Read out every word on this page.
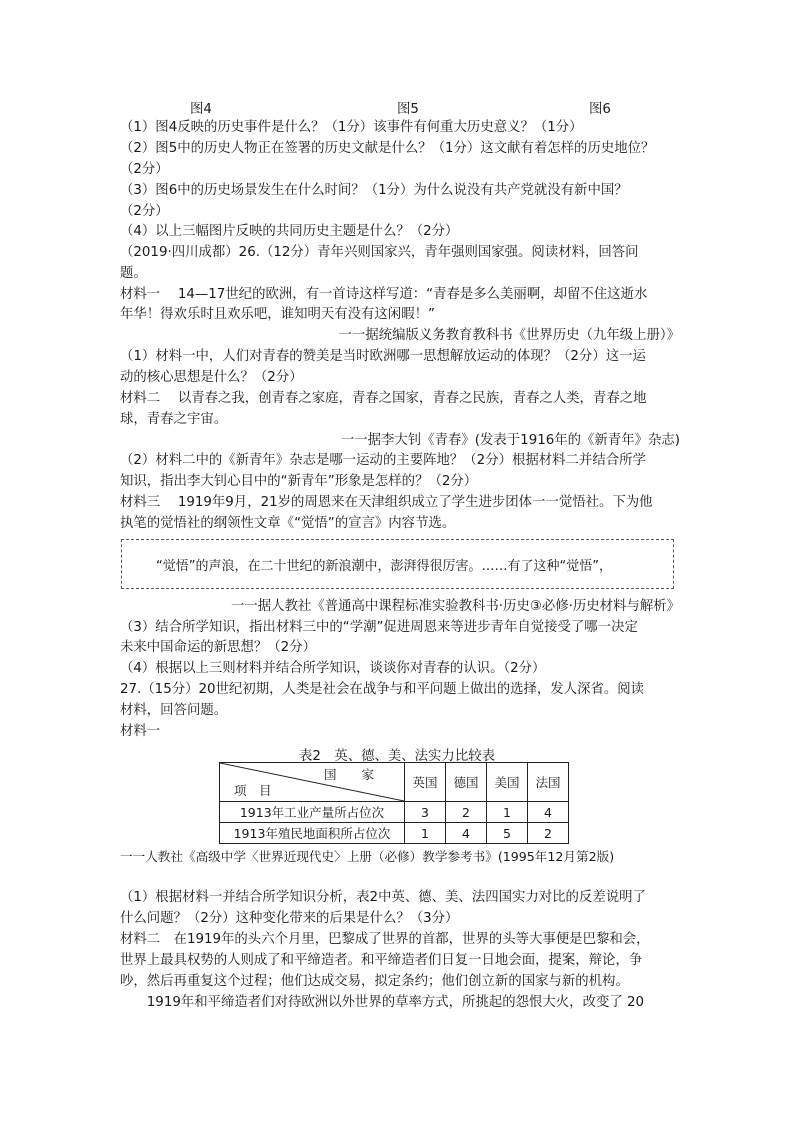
图4	图5	图6
（1）图4反映的历史事件是什么？（1分）该事件有何重大历史意义？（1分）
（2）图5中的历史人物正在签署的历史文献是什么？（1分）这文献有着怎样的历史地位？
（2分）
（3）图6中的历史场景发生在什么时间？（1分）为什么说没有共产党就没有新中国？
（2分）
（4）以上三幅图片反映的共同历史主题是什么？（2分）
（2019·四川成都）26.（12分）青年兴则国家兴，青年强则国家强。阅读材料，回答问
题。
材料一　 14—17世纪的欧洲，有一首诗这样写道：“青春是多么美丽啊，却留不住这逝水
年华！得欢乐时且欢乐吧，谁知明天有没有这闲暇！”
一一据统编版义务教育教科书《世界历史（九年级上册）》
（1）材料一中，人们对青春的赞美是当时欧洲哪一思想解放运动的体现？（2分）这一运
动的核心思想是什么？（2分）
材料二　 以青春之我，创青春之家庭，青春之国家，青春之民族，青春之人类，青春之地
球，青春之宇宙。
一一据李大钊《青春》(发表于1916年的《新青年》杂志)
（2）材料二中的《新青年》杂志是哪一运动的主要阵地？（2分）根据材料二并结合所学
知识，指出李大钊心目中的“新青年”形象是怎样的？（2分）
材料三　 1919年9月，21岁的周恩来在天津组织成立了学生进步团体一一觉悟社。下为他
执笔的觉悟社的纲领性文章《“觉悟”的宣言》内容节选。
“觉悟”的声浪，在二十世纪的新浪潮中，澎湃得很厉害。……有了这种“觉悟”，
一一据人教社《普通高中课程标准实验教科书·历史③必修·历史材料与解析》
（3）结合所学知识，指出材料三中的“学潮”促进周恩来等进步青年自觉接受了哪一决定
未来中国命运的新思想？（2分）
（4）根据以上三则材料并结合所学知识，谈谈你对青春的认识。（2分）
27.（15分）20世纪初期，人类是社会在战争与和平问题上做出的选择，发人深省。阅读
材料，回答问题。
材料一
表2　英、德、美、法实力比较表
国　　家
项　目	英国	德国	美国	法国
1913年工业产量所占位次	3	2	1	4
1913年殖民地面积所占位次	1	4	5	2
一一人教社《高级中学〈世界近现代史〉上册（必修）教学参考书》(1995年12月第2版)
（1）根据材料一并结合所学知识分析，表2中英、德、美、法四国实力对比的反差说明了
什么问题？（2分）这种变化带来的后果是什么？（3分）
材料二　在1919年的头六个月里，巴黎成了世界的首都，世界的头等大事便是巴黎和会，
世界上最具权势的人则成了和平缔造者。和平缔造者们日复一日地会面，提案，辩论，争
吵，然后再重复这个过程；他们达成交易，拟定条约；他们创立新的国家与新的机构。
　　1919年和平缔造者们对待欧洲以外世界的草率方式，所挑起的怨恨大火，改变了 20
